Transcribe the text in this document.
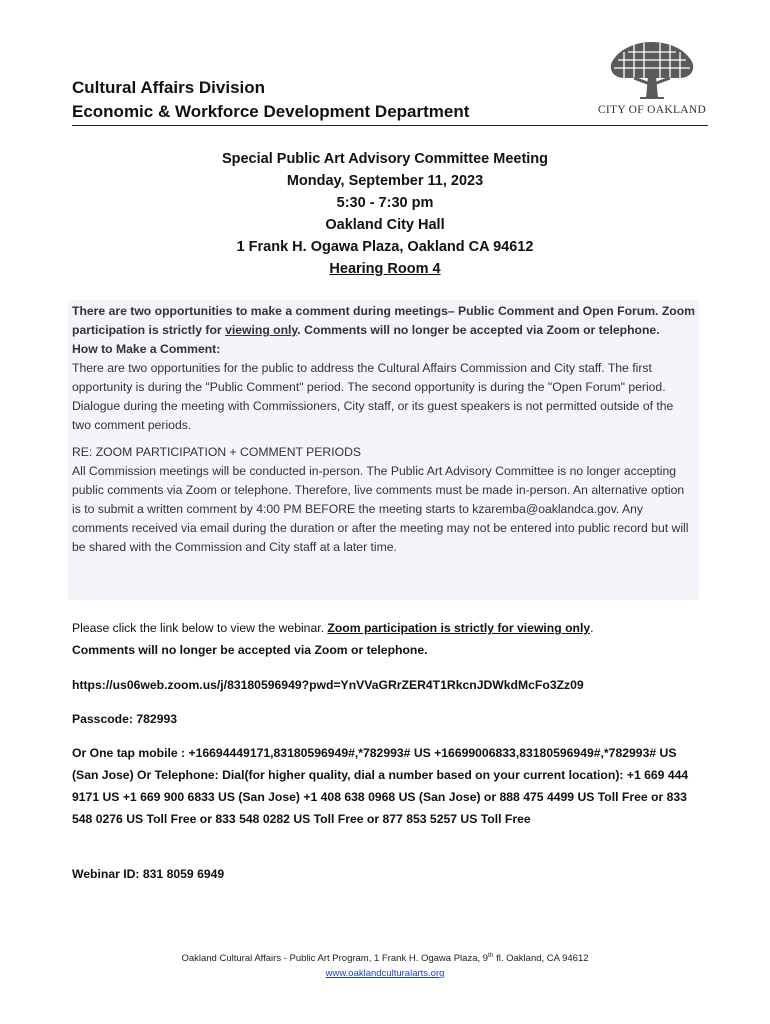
Cultural Affairs Division
Economic & Workforce Development Department	CITY OF OAKLAND
Special Public Art Advisory Committee Meeting
Monday, September 11, 2023
5:30 - 7:30 pm
Oakland City Hall
1 Frank H. Ogawa Plaza, Oakland CA 94612
Hearing Room 4
There are two opportunities to make a comment during meetings– Public Comment and Open Forum. Zoom participation is strictly for viewing only. Comments will no longer be accepted via Zoom or telephone.
How to Make a Comment:
There are two opportunities for the public to address the Cultural Affairs Commission and City staff. The first opportunity is during the "Public Comment" period. The second opportunity is during the "Open Forum" period. Dialogue during the meeting with Commissioners, City staff, or its guest speakers is not permitted outside of the two comment periods.
RE: ZOOM PARTICIPATION + COMMENT PERIODS
All Commission meetings will be conducted in-person. The Public Art Advisory Committee is no longer accepting public comments via Zoom or telephone. Therefore, live comments must be made in-person. An alternative option is to submit a written comment by 4:00 PM BEFORE the meeting starts to kzaremba@oaklandca.gov. Any comments received via email during the duration or after the meeting may not be entered into public record but will be shared with the Commission and City staff at a later time.
Please click the link below to view the webinar. Zoom participation is strictly for viewing only.
Comments will no longer be accepted via Zoom or telephone.
https://us06web.zoom.us/j/83180596949?pwd=YnVVaGRrZER4T1RkcnJDWkdMcFo3Zz09
Passcode: 782993
Or One tap mobile : +16694449171,83180596949#,*782993# US +16699006833,83180596949#,*782993# US (San Jose) Or Telephone: Dial(for higher quality, dial a number based on your current location): +1 669 444 9171 US +1 669 900 6833 US (San Jose) +1 408 638 0968 US (San Jose) or 888 475 4499 US Toll Free or 833 548 0276 US Toll Free or 833 548 0282 US Toll Free or 877 853 5257 US Toll Free
Webinar ID: 831 8059 6949
Oakland Cultural Affairs - Public Art Program, 1 Frank H. Ogawa Plaza, 9th fl. Oakland, CA 94612
www.oaklandculturalarts.org
